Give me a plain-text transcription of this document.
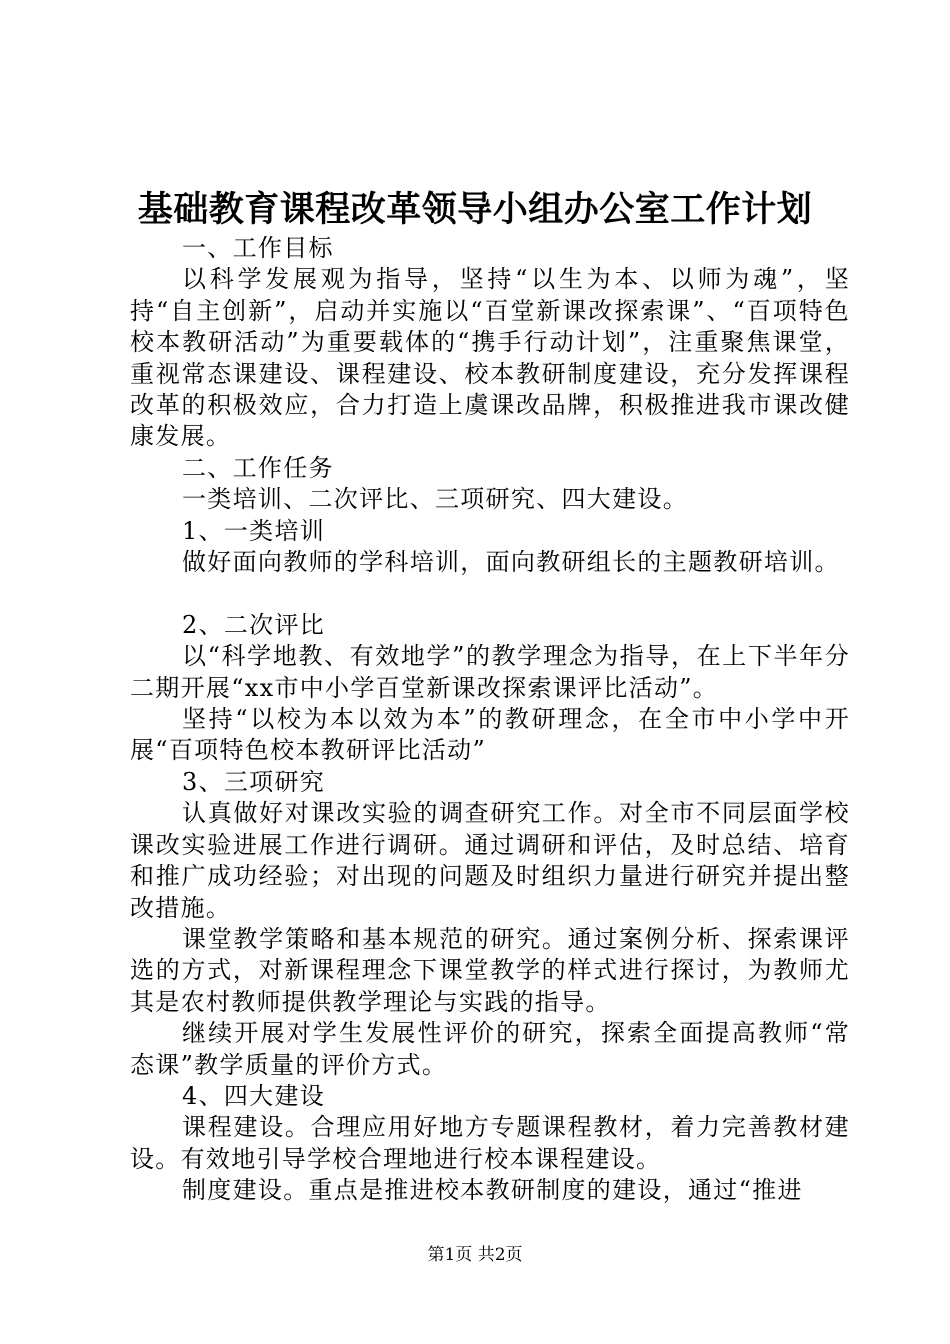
基础教育课程改革领导小组办公室工作计划

一、工作目标

以科学发展观为指导，坚持“以生为本、以师为魂”，坚持“自主创新”，启动并实施以“百堂新课改探索课”、“百项特色校本教研活动”为重要载体的“携手行动计划”，注重聚焦课堂，重视常态课建设、课程建设、校本教研制度建设，充分发挥课程改革的积极效应，合力打造上虞课改品牌，积极推进我市课改健康发展。

二、工作任务

一类培训、二次评比、三项研究、四大建设。

1、一类培训

做好面向教师的学科培训，面向教研组长的主题教研培训。

2、二次评比

以“科学地教、有效地学”的教学理念为指导，在上下半年分二期开展“xx市中小学百堂新课改探索课评比活动”。

坚持“以校为本以效为本”的教研理念，在全市中小学中开展“百项特色校本教研评比活动”

3、三项研究

认真做好对课改实验的调查研究工作。对全市不同层面学校课改实验进展工作进行调研。通过调研和评估，及时总结、培育和推广成功经验；对出现的问题及时组织力量进行研究并提出整改措施。

课堂教学策略和基本规范的研究。通过案例分析、探索课评选的方式，对新课程理念下课堂教学的样式进行探讨，为教师尤其是农村教师提供教学理论与实践的指导。

继续开展对学生发展性评价的研究，探索全面提高教师“常态课”教学质量的评价方式。

4、四大建设

课程建设。合理应用好地方专题课程教材，着力完善教材建设。有效地引导学校合理地进行校本课程建设。

制度建设。重点是推进校本教研制度的建设，通过“推进

第1页 共2页
